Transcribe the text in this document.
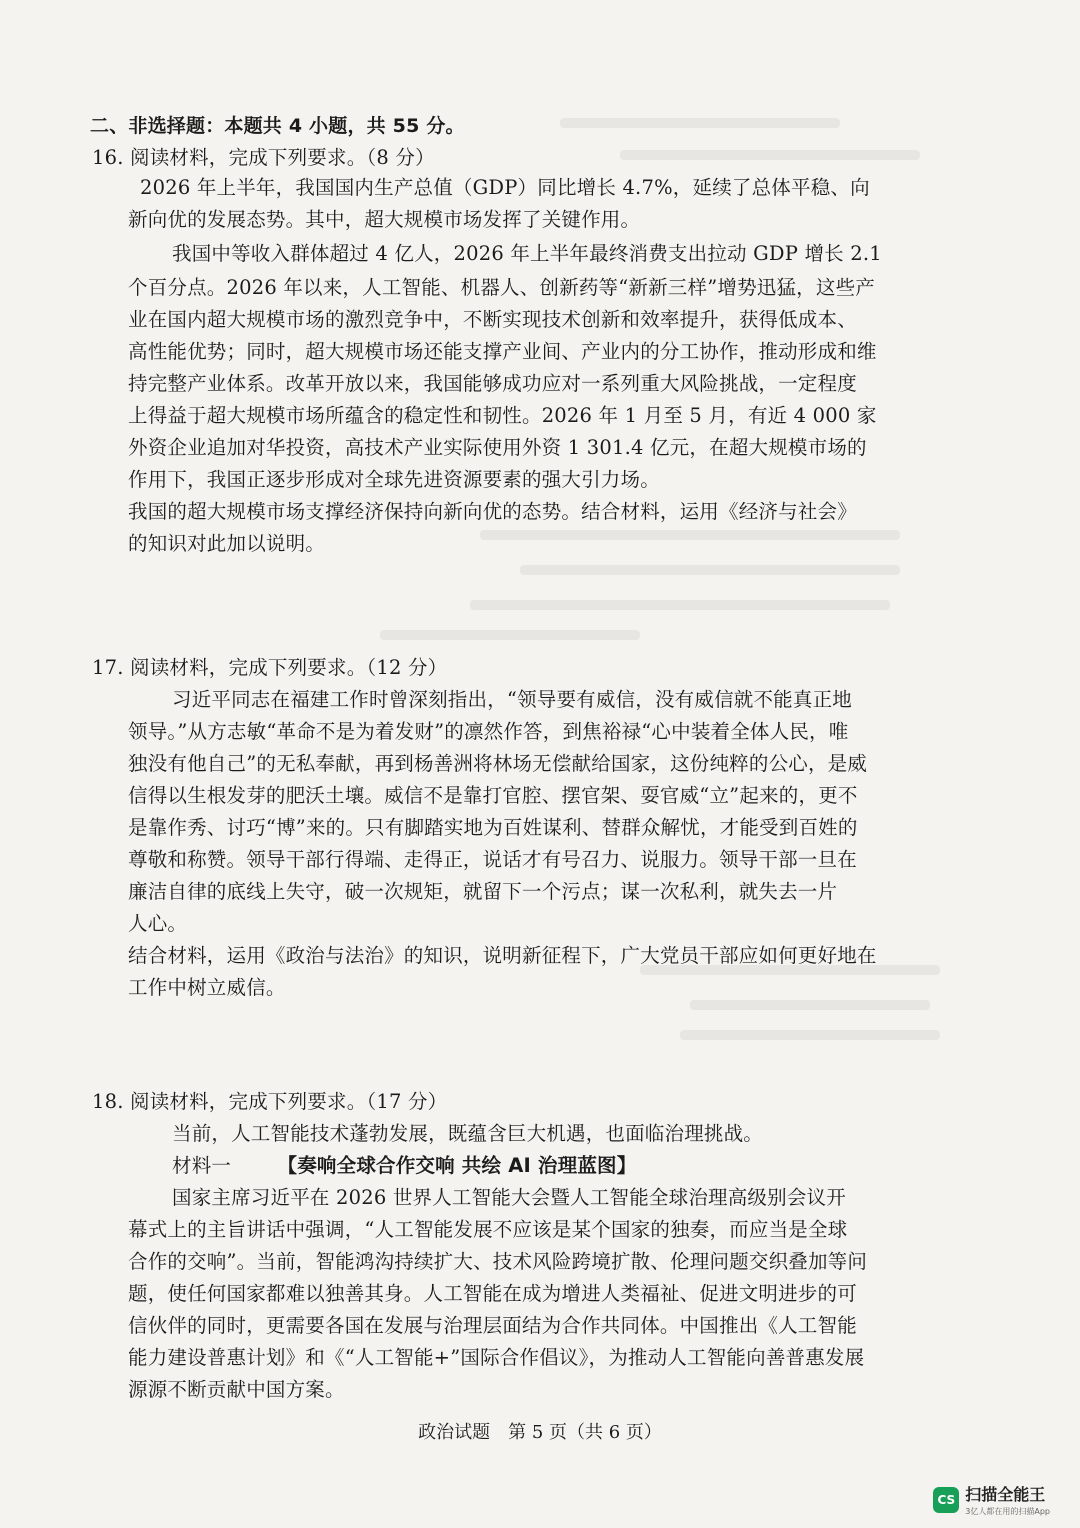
二、非选择题：本题共 4 小题，共 55 分。
16. 阅读材料，完成下列要求。（8 分）
2026 年上半年，我国国内生产总值（GDP）同比增长 4.7%，延续了总体平稳、向
新向优的发展态势。其中，超大规模市场发挥了关键作用。
我国中等收入群体超过 4 亿人，2026 年上半年最终消费支出拉动 GDP 增长 2.1
个百分点。2026 年以来，人工智能、机器人、创新药等“新新三样”增势迅猛，这些产
业在国内超大规模市场的激烈竞争中，不断实现技术创新和效率提升，获得低成本、
高性能优势；同时，超大规模市场还能支撑产业间、产业内的分工协作，推动形成和维
持完整产业体系。改革开放以来，我国能够成功应对一系列重大风险挑战，一定程度
上得益于超大规模市场所蕴含的稳定性和韧性。2026 年 1 月至 5 月，有近 4 000 家
外资企业追加对华投资，高技术产业实际使用外资 1 301.4 亿元，在超大规模市场的
作用下，我国正逐步形成对全球先进资源要素的强大引力场。
我国的超大规模市场支撑经济保持向新向优的态势。结合材料，运用《经济与社会》
的知识对此加以说明。
17. 阅读材料，完成下列要求。（12 分）
习近平同志在福建工作时曾深刻指出，“领导要有威信，没有威信就不能真正地
领导。”从方志敏“革命不是为着发财”的凛然作答，到焦裕禄“心中装着全体人民，唯
独没有他自己”的无私奉献，再到杨善洲将林场无偿献给国家，这份纯粹的公心，是威
信得以生根发芽的肥沃土壤。威信不是靠打官腔、摆官架、耍官威“立”起来的，更不
是靠作秀、讨巧“博”来的。只有脚踏实地为百姓谋利、替群众解忧，才能受到百姓的
尊敬和称赞。领导干部行得端、走得正，说话才有号召力、说服力。领导干部一旦在
廉洁自律的底线上失守，破一次规矩，就留下一个污点；谋一次私利，就失去一片
人心。
结合材料，运用《政治与法治》的知识，说明新征程下，广大党员干部应如何更好地在
工作中树立威信。
18. 阅读材料，完成下列要求。（17 分）
当前，人工智能技术蓬勃发展，既蕴含巨大机遇，也面临治理挑战。
材料一 【奏响全球合作交响 共绘 AI 治理蓝图】
国家主席习近平在 2026 世界人工智能大会暨人工智能全球治理高级别会议开
幕式上的主旨讲话中强调，“人工智能发展不应该是某个国家的独奏，而应当是全球
合作的交响”。当前，智能鸿沟持续扩大、技术风险跨境扩散、伦理问题交织叠加等问
题，使任何国家都难以独善其身。人工智能在成为增进人类福祉、促进文明进步的可
信伙伴的同时，更需要各国在发展与治理层面结为合作共同体。中国推出《人工智能
能力建设普惠计划》和《“人工智能+”国际合作倡议》，为推动人工智能向善普惠发展
源源不断贡献中国方案。
政治试题　第 5 页（共 6 页）
CS 扫描全能王
3亿人都在用的扫描App
